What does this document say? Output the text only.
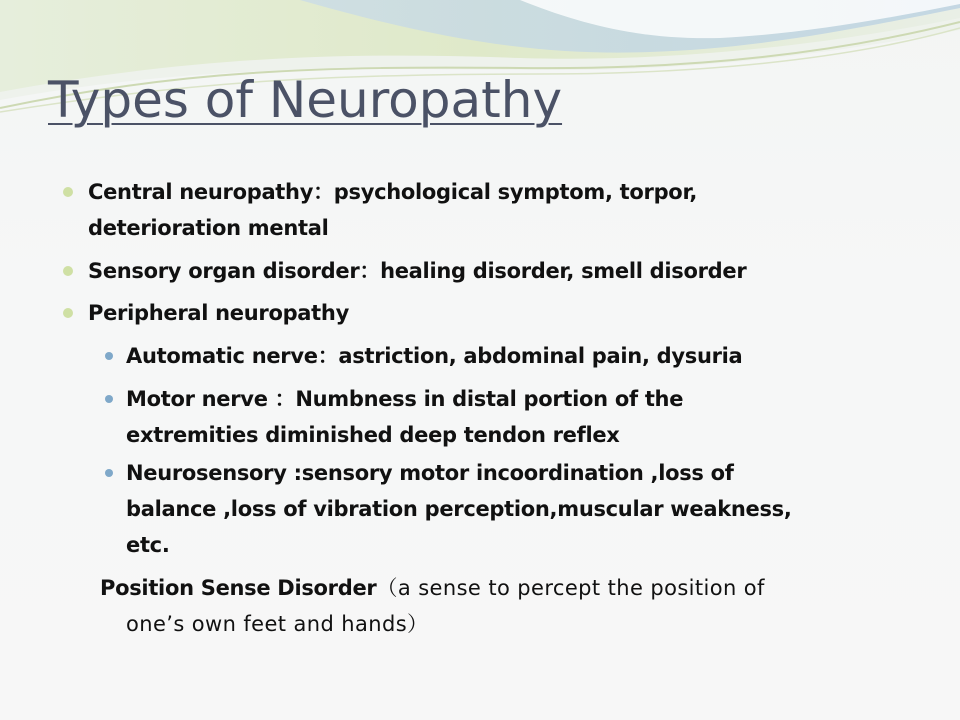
Types of Neuropathy
Central neuropathy：psychological symptom, torpor,
deterioration mental
Sensory organ disorder：healing disorder, smell disorder
Peripheral neuropathy
Automatic nerve：astriction, abdominal pain, dysuria
Motor nerve ：Numbness in distal portion of the
extremities diminished deep tendon reflex
Neurosensory :sensory motor incoordination ,loss of
balance ,loss of vibration perception,muscular weakness,
etc.
Position Sense Disorder（a sense to percept the position of
one’s own feet and hands）
